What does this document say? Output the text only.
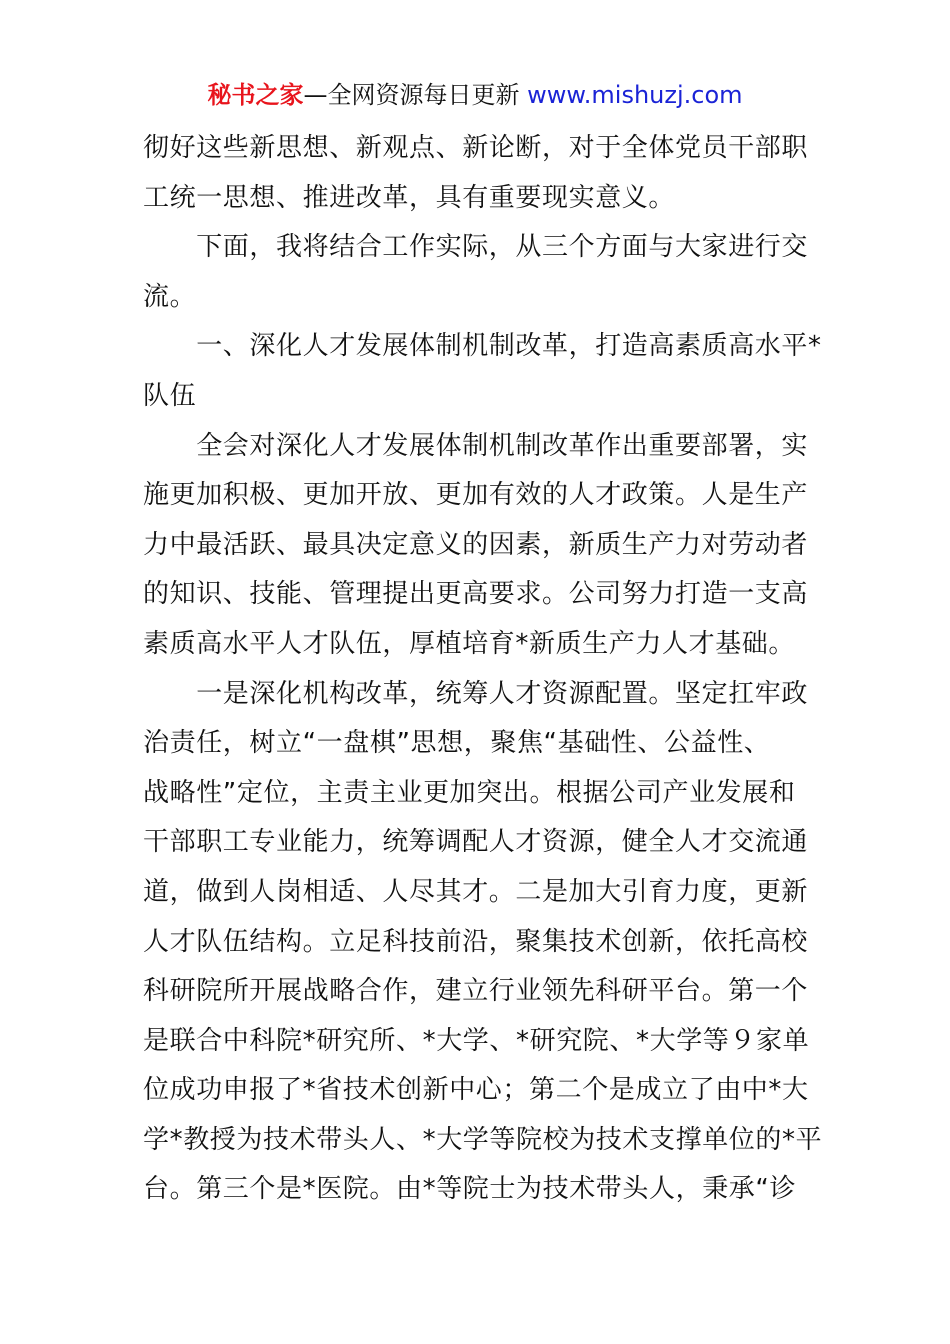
秘书之家—全网资源每日更新 www.mishuzj.com
彻好这些新思想、新观点、新论断，对于全体党员干部职
工统一思想、推进改革，具有重要现实意义。
　　下面，我将结合工作实际，从三个方面与大家进行交
流。
　　一、深化人才发展体制机制改革，打造高素质高水平*
队伍
　　全会对深化人才发展体制机制改革作出重要部署，实
施更加积极、更加开放、更加有效的人才政策。人是生产
力中最活跃、最具决定意义的因素，新质生产力对劳动者
的知识、技能、管理提出更高要求。公司努力打造一支高
素质高水平人才队伍，厚植培育*新质生产力人才基础。
　　一是深化机构改革，统筹人才资源配置。坚定扛牢政
治责任，树立“一盘棋”思想，聚焦“基础性、公益性、
战略性”定位，主责主业更加突出。根据公司产业发展和
干部职工专业能力，统筹调配人才资源，健全人才交流通
道，做到人岗相适、人尽其才。二是加大引育力度，更新
人才队伍结构。立足科技前沿，聚集技术创新，依托高校
科研院所开展战略合作，建立行业领先科研平台。第一个
是联合中科院*研究所、*大学、*研究院、*大学等９家单
位成功申报了*省技术创新中心；第二个是成立了由中*大
学*教授为技术带头人、*大学等院校为技术支撑单位的*平
台。第三个是*医院。由*等院士为技术带头人，秉承“诊
